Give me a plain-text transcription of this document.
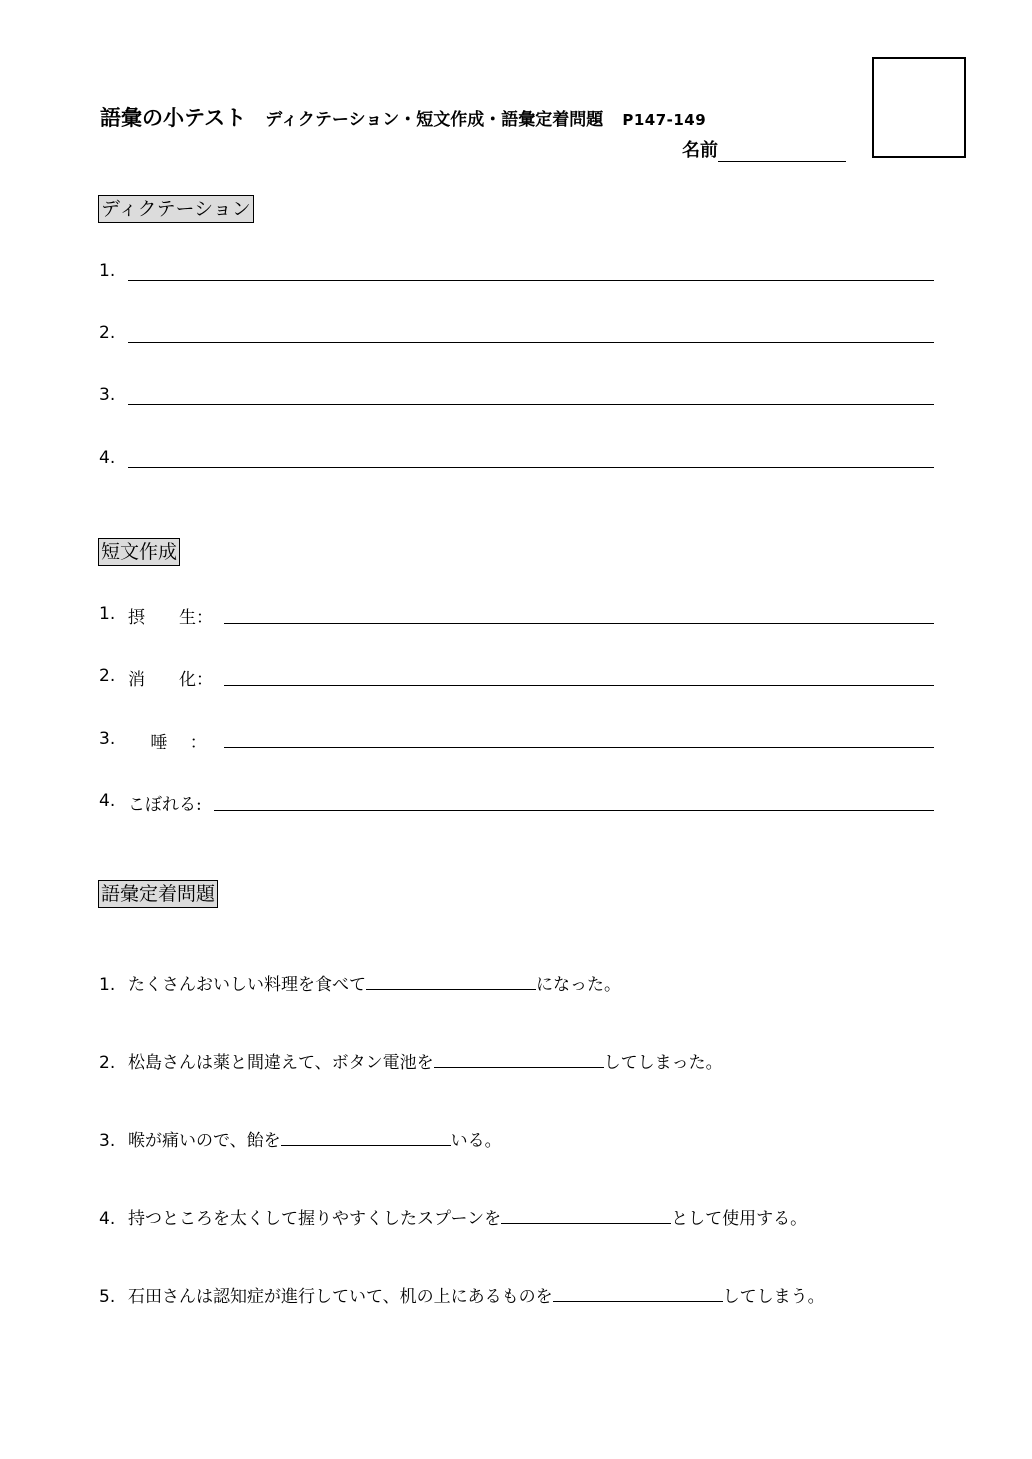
語彙の小テスト ディクテーション・短文作成・語彙定着問題 P147-149
名前
ディクテーション
1.
2.
3.
4.
短文作成
1. 摂　　生：
2. 消　　化：
3. 　 唾　 ：
4. こぼれる:
語彙定着問題
1. たくさんおいしい料理を食べて	になった。
2. 松島さんは薬と間違えて、ボタン電池を	してしまった。
3. 喉が痛いので、飴を	いる。
4. 持つところを太くして握りやすくしたスプーンを	として使用する。
5. 石田さんは認知症が進行していて、机の上にあるものを	してしまう。
